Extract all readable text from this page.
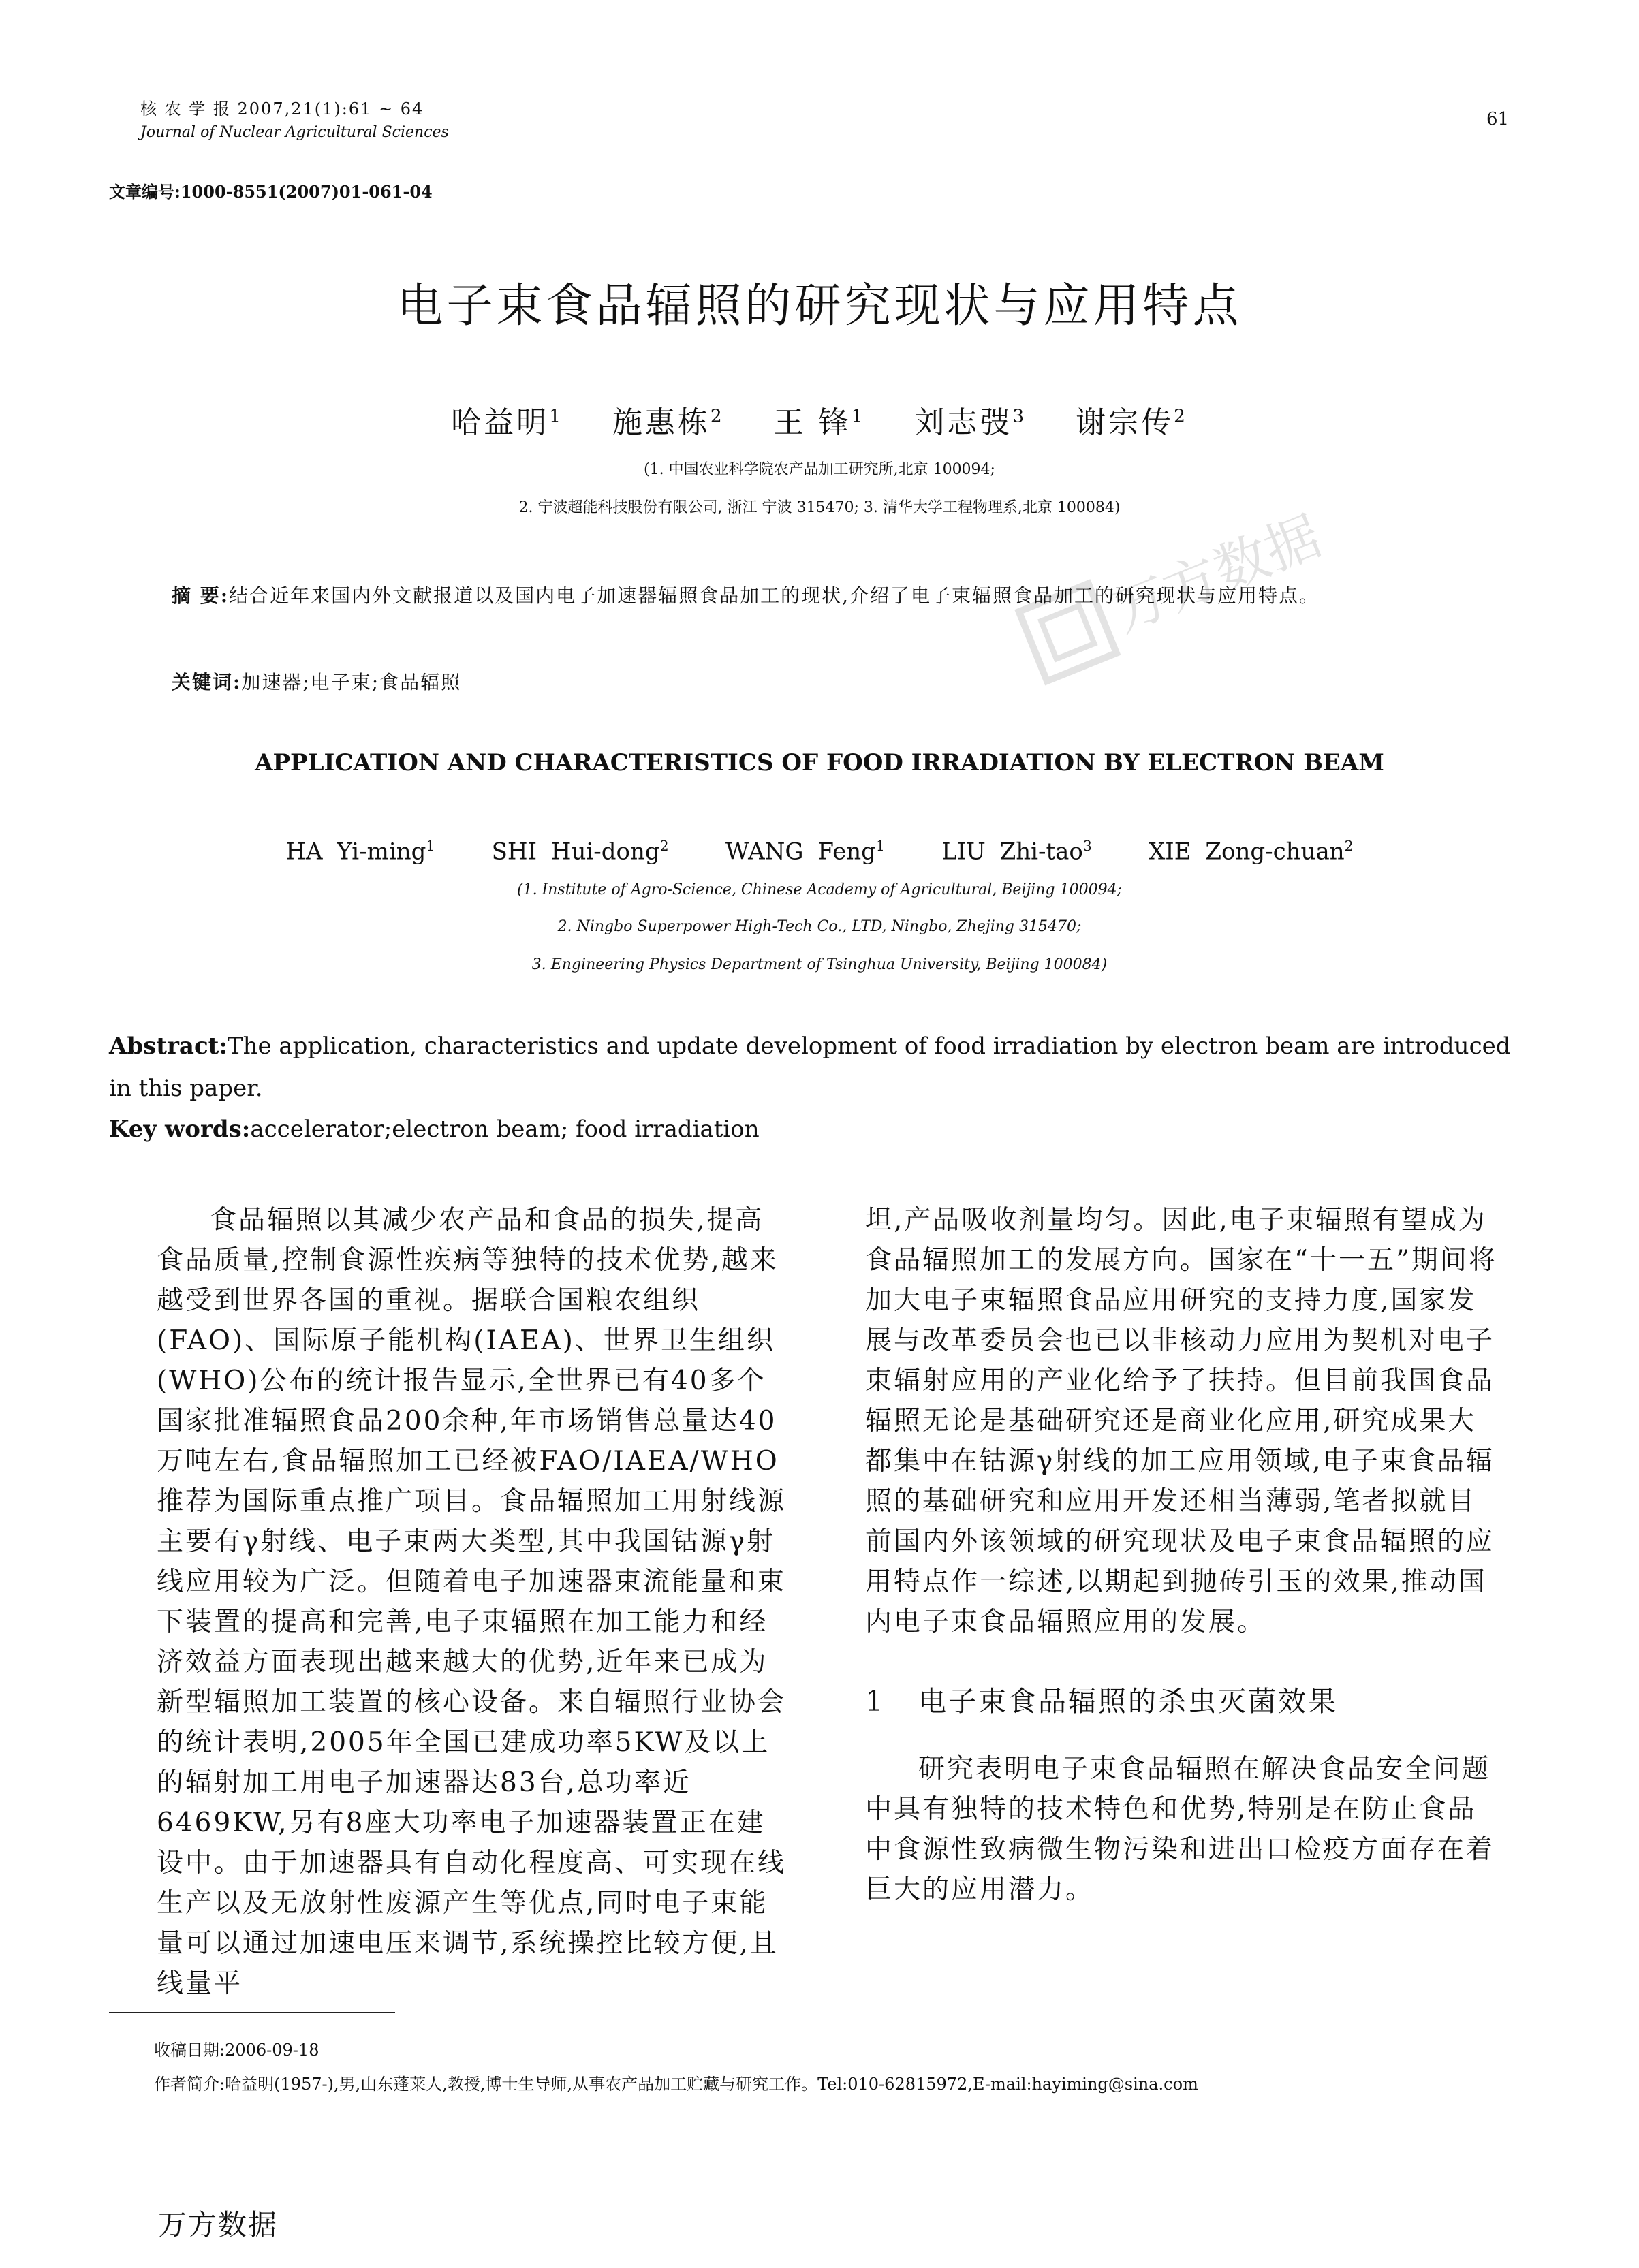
核 农 学 报 2007,21(1):61 ~ 64
Journal of Nuclear Agricultural Sciences
61
文章编号:1000-8551(2007)01-061-04
万方数据
电子束食品辐照的研究现状与应用特点
哈益明$^1$ 施惠栋$^2$ 王 锋$^1$ 刘志弢$^3$ 谢宗传$^2$
(1. 中国农业科学院农产品加工研究所,北京 100094;
2. 宁波超能科技股份有限公司, 浙江 宁波 315470; 3. 清华大学工程物理系,北京 100084)
摘 要:结合近年来国内外文献报道以及国内电子加速器辐照食品加工的现状,介绍了电子束辐照食品加工的研究现状与应用特点。
关键词:加速器;电子束;食品辐照
APPLICATION AND CHARACTERISTICS OF FOOD IRRADIATION BY ELECTRON BEAM
HA Yi-ming$^1$ SHI Hui-dong$^2$ WANG Feng$^1$ LIU Zhi-tao$^3$ XIE Zong-chuan$^2$
(1. Institute of Agro-Science, Chinese Academy of Agricultural, Beijing 100094;
2. Ningbo Superpower High-Tech Co., LTD, Ningbo, Zhejing 315470;
3. Engineering Physics Department of Tsinghua University, Beijing 100084)
Abstract:The application, characteristics and update development of food irradiation by electron beam are introduced in this paper.
Key words:accelerator;electron beam; food irradiation

食品辐照以其减少农产品和食品的损失,提高食品质量,控制食源性疾病等独特的技术优势,越来越受到世界各国的重视。据联合国粮农组织(FAO)、国际原子能机构(IAEA)、世界卫生组织(WHO)公布的统计报告显示,全世界已有40多个国家批准辐照食品200余种,年市场销售总量达40万吨左右,食品辐照加工已经被FAO/IAEA/WHO推荐为国际重点推广项目。食品辐照加工用射线源主要有γ射线、电子束两大类型,其中我国钴源γ射线应用较为广泛。但随着电子加速器束流能量和束下装置的提高和完善,电子束辐照在加工能力和经济效益方面表现出越来越大的优势,近年来已成为新型辐照加工装置的核心设备。来自辐照行业协会的统计表明,2005年全国已建成功率5KW及以上的辐射加工用电子加速器达83台,总功率近6469KW,另有8座大功率电子加速器装置正在建设中。由于加速器具有自动化程度高、可实现在线生产以及无放射性废源产生等优点,同时电子束能量可以通过加速电压来调节,系统操控比较方便,且线量平

坦,产品吸收剂量均匀。因此,电子束辐照有望成为食品辐照加工的发展方向。国家在“十一五”期间将加大电子束辐照食品应用研究的支持力度,国家发展与改革委员会也已以非核动力应用为契机对电子束辐射应用的产业化给予了扶持。但目前我国食品辐照无论是基础研究还是商业化应用,研究成果大都集中在钴源γ射线的加工应用领域,电子束食品辐照的基础研究和应用开发还相当薄弱,笔者拟就目前国内外该领域的研究现状及电子束食品辐照的应用特点作一综述,以期起到抛砖引玉的效果,推动国内电子束食品辐照应用的发展。

1 电子束食品辐照的杀虫灭菌效果

研究表明电子束食品辐照在解决食品安全问题中具有独特的技术特色和优势,特别是在防止食品中食源性致病微生物污染和进出口检疫方面存在着巨大的应用潜力。

收稿日期:2006-09-18
作者简介:哈益明(1957-),男,山东蓬莱人,教授,博士生导师,从事农产品加工贮藏与研究工作。Tel:010-62815972,E-mail:hayiming@sina.com
万方数据
